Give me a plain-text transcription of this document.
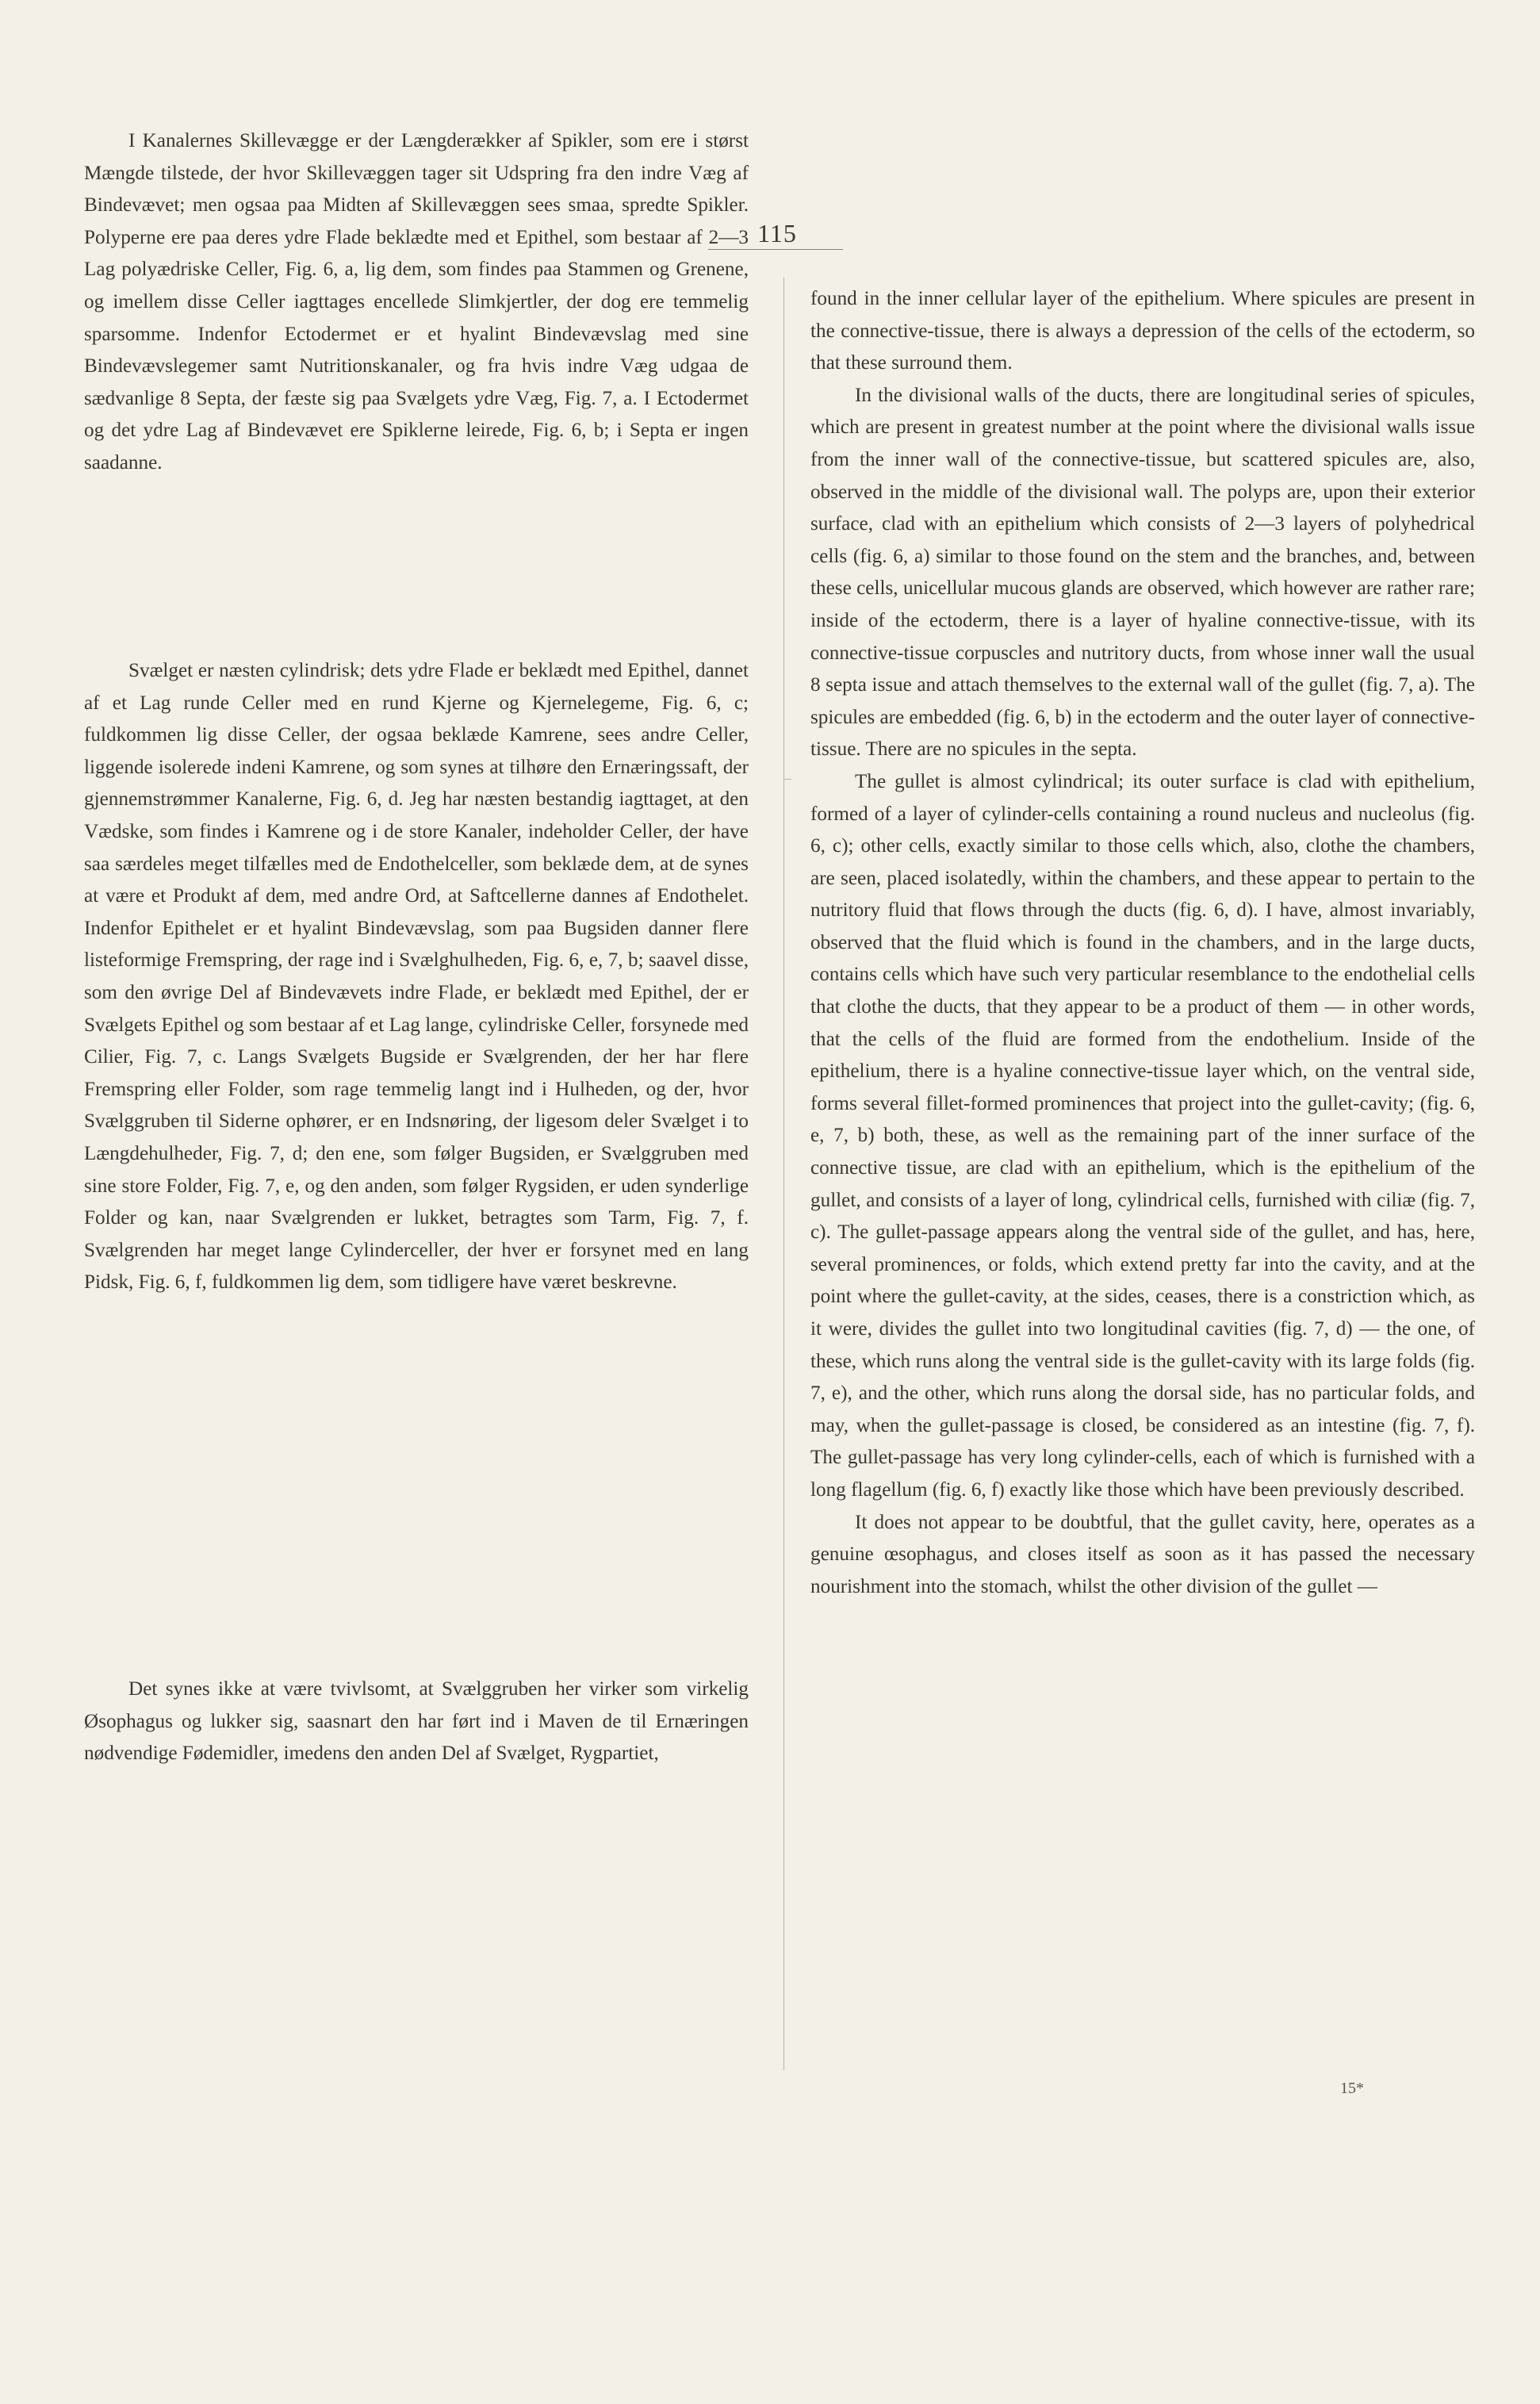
115

I Kanalernes Skillevægge er der Længderækker af Spikler, som ere i størst Mængde tilstede, der hvor Skillevæggen tager sit Udspring fra den indre Væg af Bindevævet; men ogsaa paa Midten af Skillevæggen sees smaa, spredte Spikler. Polyperne ere paa deres ydre Flade beklædte med et Epithel, som bestaar af 2—3 Lag polyædriske Celler, Fig. 6, a, lig dem, som findes paa Stammen og Grenene, og imellem disse Celler iagttages encellede Slimkjertler, der dog ere temmelig sparsomme. Indenfor Ectodermet er et hyalint Bindevævslag med sine Bindevævslegemer samt Nutritionskanaler, og fra hvis indre Væg udgaa de sædvanlige 8 Septa, der fæste sig paa Svælgets ydre Væg, Fig. 7, a. I Ectodermet og det ydre Lag af Bindevævet ere Spiklerne leirede, Fig. 6, b; i Septa er ingen saadanne.

Svælget er næsten cylindrisk; dets ydre Flade er beklædt med Epithel, dannet af et Lag runde Celler med en rund Kjerne og Kjernelegeme, Fig. 6, c; fuldkommen lig disse Celler, der ogsaa beklæde Kamrene, sees andre Celler, liggende isolerede indeni Kamrene, og som synes at tilhøre den Ernæringssaft, der gjennemstrømmer Kanalerne, Fig. 6, d. Jeg har næsten bestandig iagttaget, at den Vædske, som findes i Kamrene og i de store Kanaler, indeholder Celler, der have saa særdeles meget tilfælles med de Endothelceller, som beklæde dem, at de synes at være et Produkt af dem, med andre Ord, at Saftcellerne dannes af Endothelet. Indenfor Epithelet er et hyalint Bindevævslag, som paa Bugsiden danner flere listeformige Fremspring, der rage ind i Svælghulheden, Fig. 6, e, 7, b; saavel disse, som den øvrige Del af Bindevævets indre Flade, er beklædt med Epithel, der er Svælgets Epithel og som bestaar af et Lag lange, cylindriske Celler, forsynede med Cilier, Fig. 7, c. Langs Svælgets Bugside er Svælgrenden, der her har flere Fremspring eller Folder, som rage temmelig langt ind i Hulheden, og der, hvor Svælggruben til Siderne ophører, er en Indsnøring, der ligesom deler Svælget i to Længdehulheder, Fig. 7, d; den ene, som følger Bugsiden, er Svælggruben med sine store Folder, Fig. 7, e, og den anden, som følger Rygsiden, er uden synderlige Folder og kan, naar Svælgrenden er lukket, betragtes som Tarm, Fig. 7, f. Svælgrenden har meget lange Cylinderceller, der hver er forsynet med en lang Pidsk, Fig. 6, f, fuldkommen lig dem, som tidligere have været beskrevne.

Det synes ikke at være tvivlsomt, at Svælggruben her virker som virkelig Øsophagus og lukker sig, saasnart den har ført ind i Maven de til Ernæringen nødvendige Fødemidler, imedens den anden Del af Svælget, Rygpartiet,

found in the inner cellular layer of the epithelium. Where spicules are present in the connective-tissue, there is always a depression of the cells of the ectoderm, so that these surround them.

In the divisional walls of the ducts, there are longitudinal series of spicules, which are present in greatest number at the point where the divisional walls issue from the inner wall of the connective-tissue, but scattered spicules are, also, observed in the middle of the divisional wall. The polyps are, upon their exterior surface, clad with an epithelium which consists of 2—3 layers of polyhedrical cells (fig. 6, a) similar to those found on the stem and the branches, and, between these cells, unicellular mucous glands are observed, which however are rather rare; inside of the ectoderm, there is a layer of hyaline connective-tissue, with its connective-tissue corpuscles and nutritory ducts, from whose inner wall the usual 8 septa issue and attach themselves to the external wall of the gullet (fig. 7, a). The spicules are embedded (fig. 6, b) in the ectoderm and the outer layer of connective-tissue. There are no spicules in the septa.

The gullet is almost cylindrical; its outer surface is clad with epithelium, formed of a layer of cylinder-cells containing a round nucleus and nucleolus (fig. 6, c); other cells, exactly similar to those cells which, also, clothe the chambers, are seen, placed isolatedly, within the chambers, and these appear to pertain to the nutritory fluid that flows through the ducts (fig. 6, d). I have, almost invariably, observed that the fluid which is found in the chambers, and in the large ducts, contains cells which have such very particular resemblance to the endothelial cells that clothe the ducts, that they appear to be a product of them — in other words, that the cells of the fluid are formed from the endothelium. Inside of the epithelium, there is a hyaline connective-tissue layer which, on the ventral side, forms several fillet-formed prominences that project into the gullet-cavity; (fig. 6, e, 7, b) both, these, as well as the remaining part of the inner surface of the connective tissue, are clad with an epithelium, which is the epithelium of the gullet, and consists of a layer of long, cylindrical cells, furnished with ciliæ (fig. 7, c). The gullet-passage appears along the ventral side of the gullet, and has, here, several prominences, or folds, which extend pretty far into the cavity, and at the point where the gullet-cavity, at the sides, ceases, there is a constriction which, as it were, divides the gullet into two longitudinal cavities (fig. 7, d) — the one, of these, which runs along the ventral side is the gullet-cavity with its large folds (fig. 7, e), and the other, which runs along the dorsal side, has no particular folds, and may, when the gullet-passage is closed, be considered as an intestine (fig. 7, f). The gullet-passage has very long cylinder-cells, each of which is furnished with a long flagellum (fig. 6, f) exactly like those which have been previously described.

It does not appear to be doubtful, that the gullet cavity, here, operates as a genuine œsophagus, and closes itself as soon as it has passed the necessary nourishment into the stomach, whilst the other division of the gullet —

15*
